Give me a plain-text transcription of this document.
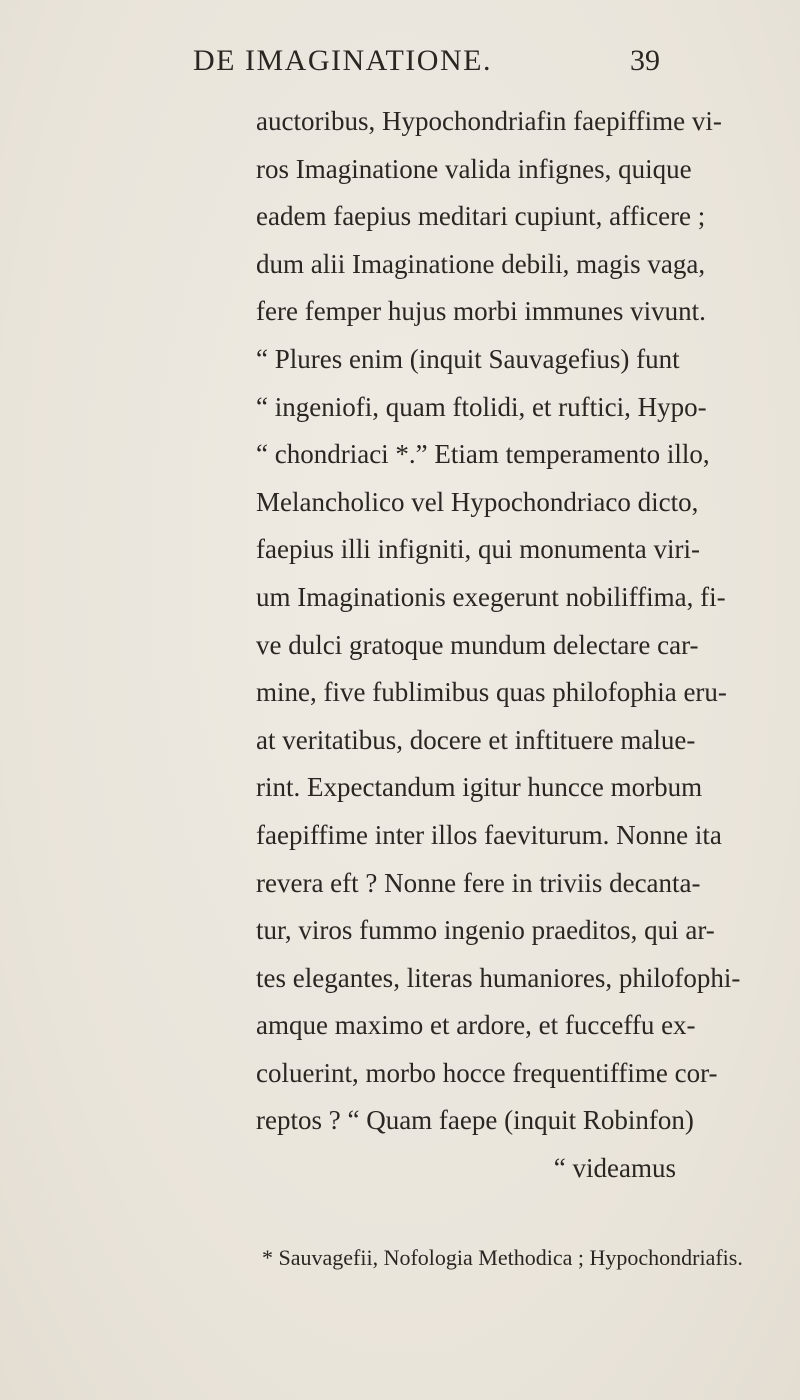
DE IMAGINATIONE.	39
auctoribus, Hypochondriafin faepiffime vi-
ros Imaginatione valida infignes, quique
eadem faepius meditari cupiunt, afficere ;
dum alii Imaginatione debili, magis vaga,
fere femper hujus morbi immunes vivunt.
“ Plures enim (inquit Sauvagefius) funt
“ ingeniofi, quam ftolidi, et ruftici, Hypo-
“ chondriaci *.” Etiam temperamento illo,
Melancholico vel Hypochondriaco dicto,
faepius illi infigniti, qui monumenta viri-
um Imaginationis exegerunt nobiliffima, fi-
ve dulci gratoque mundum delectare car-
mine, five fublimibus quas philofophia eru-
at veritatibus, docere et inftituere malue-
rint. Expectandum igitur huncce morbum
faepiffime inter illos faeviturum. Nonne ita
revera eft ? Nonne fere in triviis decanta-
tur, viros fummo ingenio praeditos, qui ar-
tes elegantes, literas humaniores, philofophi-
amque maximo et ardore, et fucceffu ex-
coluerint, morbo hocce frequentiffime cor-
reptos ? “ Quam faepe (inquit Robinfon)
“ videamus
* Sauvagefii, Nofologia Methodica ; Hypochondriafis.
